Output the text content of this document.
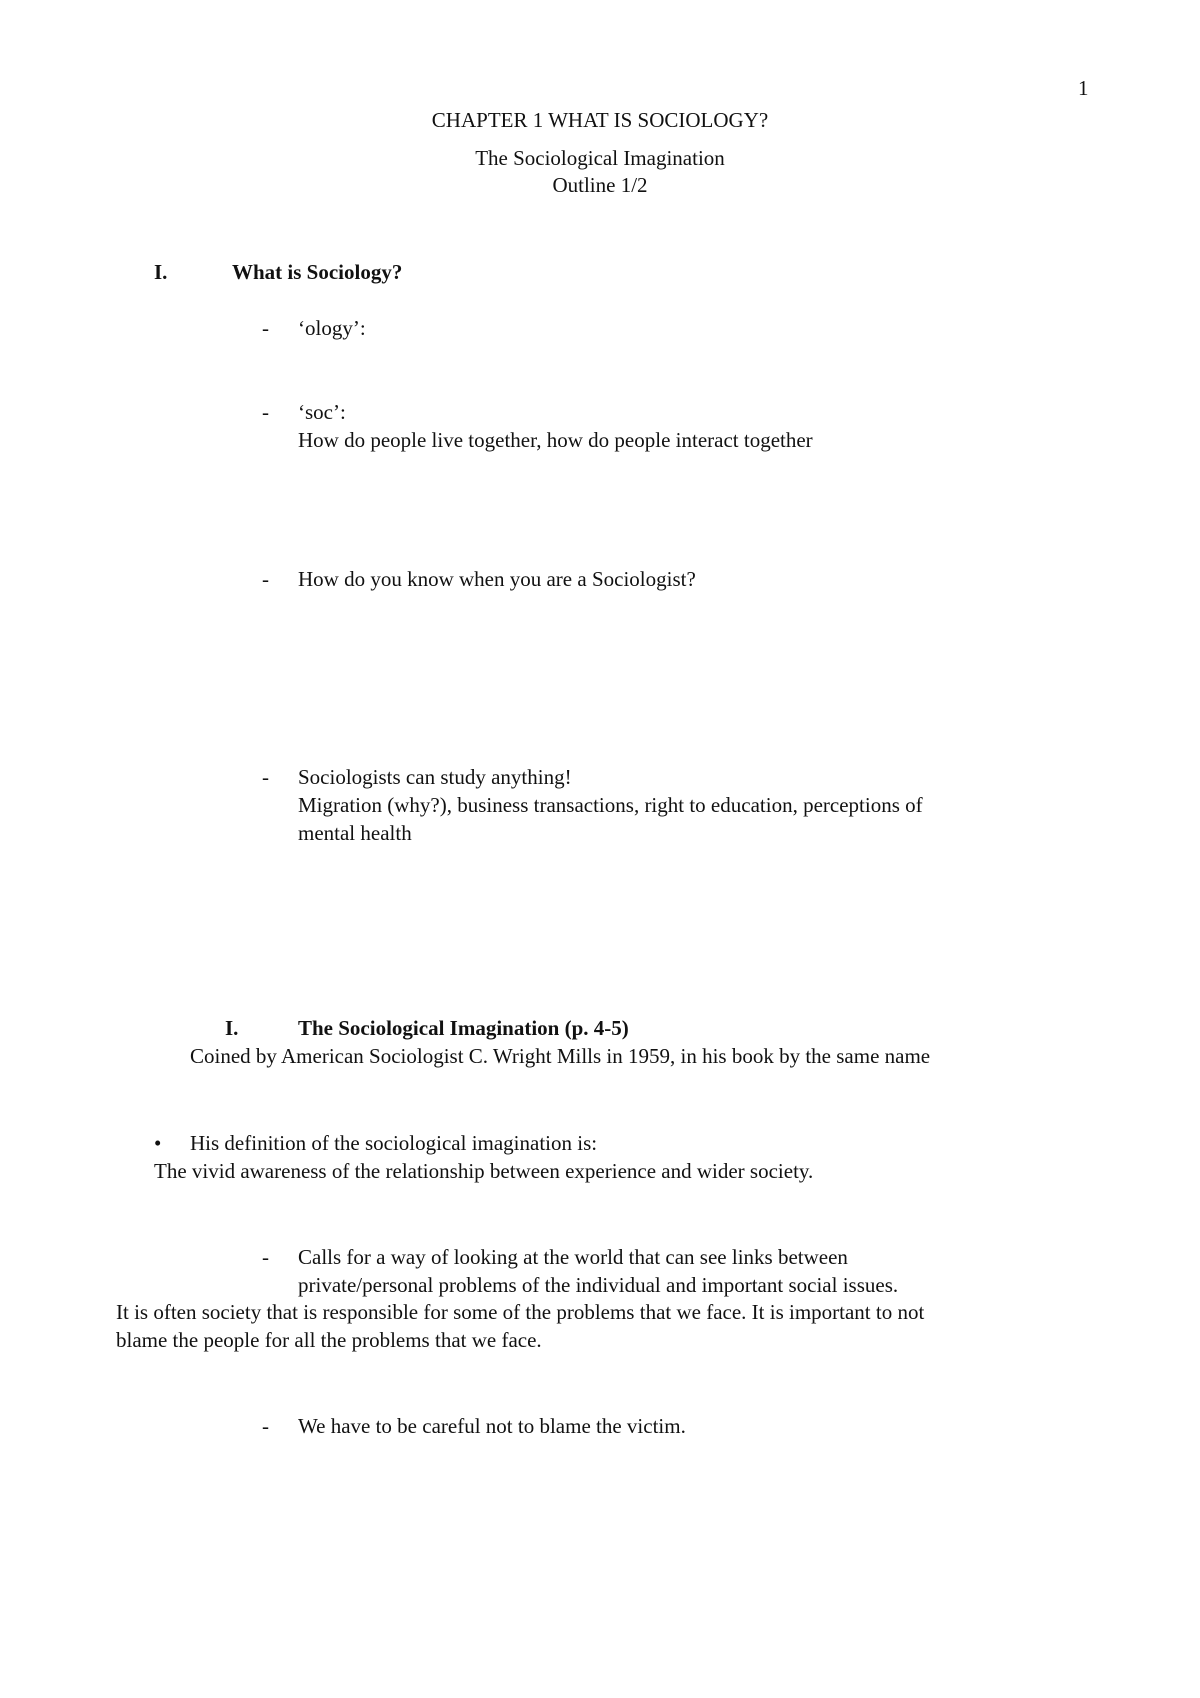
1
CHAPTER 1 WHAT IS SOCIOLOGY?
The Sociological Imagination
Outline 1/2
I.	What is Sociology?
- ‘ology’:
- ‘soc’:
How do people live together, how do people interact together
- How do you know when you are a Sociologist?
- Sociologists can study anything!
Migration (why?), business transactions, right to education, perceptions of
mental health
I.	The Sociological Imagination (p. 4-5)
Coined by American Sociologist C. Wright Mills in 1959, in his book by the same name
• His definition of the sociological imagination is:
The vivid awareness of the relationship between experience and wider society.
- Calls for a way of looking at the world that can see links between
private/personal problems of the individual and important social issues.
It is often society that is responsible for some of the problems that we face. It is important to not
blame the people for all the problems that we face.
- We have to be careful not to blame the victim.
